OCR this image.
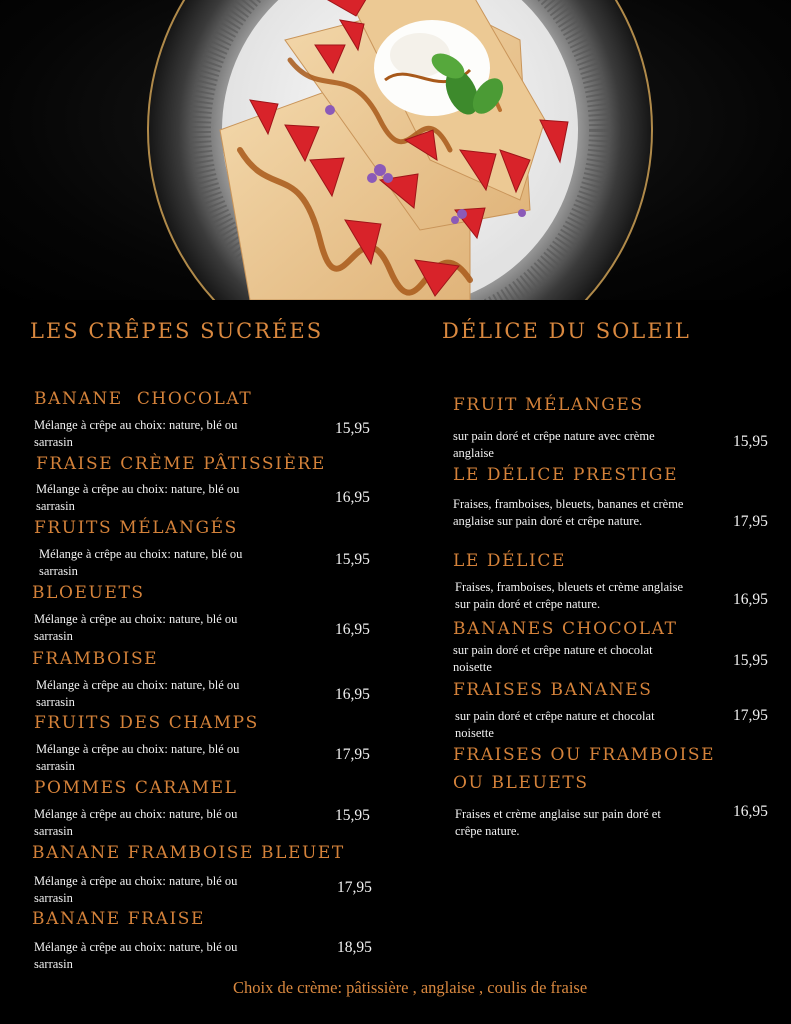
LES CRÊPES SUCRÉES
BANANE  CHOCOLAT
Mélange à crêpe au choix: nature, blé ou sarrasin
15,95
FRAISE CRÈME PÂTISSIÈRE
Mélange à crêpe au choix: nature, blé ou sarrasin	16,95
FRUITS MÉLANGÉS
Mélange à crêpe au choix: nature, blé ou sarrasin
15,95
BLOEUETS
Mélange à crêpe au choix: nature, blé ou sarrasin	16,95
FRAMBOISE
Mélange à crêpe au choix: nature, blé ou sarrasin	16,95
FRUITS DES CHAMPS
Mélange à crêpe au choix: nature, blé ou sarrasin
17,95
POMMES CARAMEL
Mélange à crêpe au choix: nature, blé ou sarrasin
15,95
BANANE FRAMBOISE BLEUET
Mélange à crêpe au choix: nature, blé ou sarrasin
17,95
BANANE FRAISE
Mélange à crêpe au choix: nature, blé ou sarrasin
18,95
DÉLICE DU SOLEIL
FRUIT MÉLANGES
sur pain doré et crêpe nature avec crème anglaise
15,95
LE DÉLICE PRESTIGE
Fraises, framboises, bleuets, bananes et crème anglaise sur pain doré et crêpe nature.	17,95
LE DÉLICE
Fraises, framboises, bleuets et crème anglaise sur pain doré et crêpe nature.	16,95
BANANES CHOCOLAT
sur pain doré et crêpe nature et chocolat noisette	15,95
FRAISES BANANES
sur pain doré et crêpe nature et chocolat noisette
17,95
FRAISES OU FRAMBOISE
OU BLEUETS
Fraises et crème anglaise sur pain doré et crêpe nature.
16,95
Choix de crème: pâtissière , anglaise , coulis de fraise
